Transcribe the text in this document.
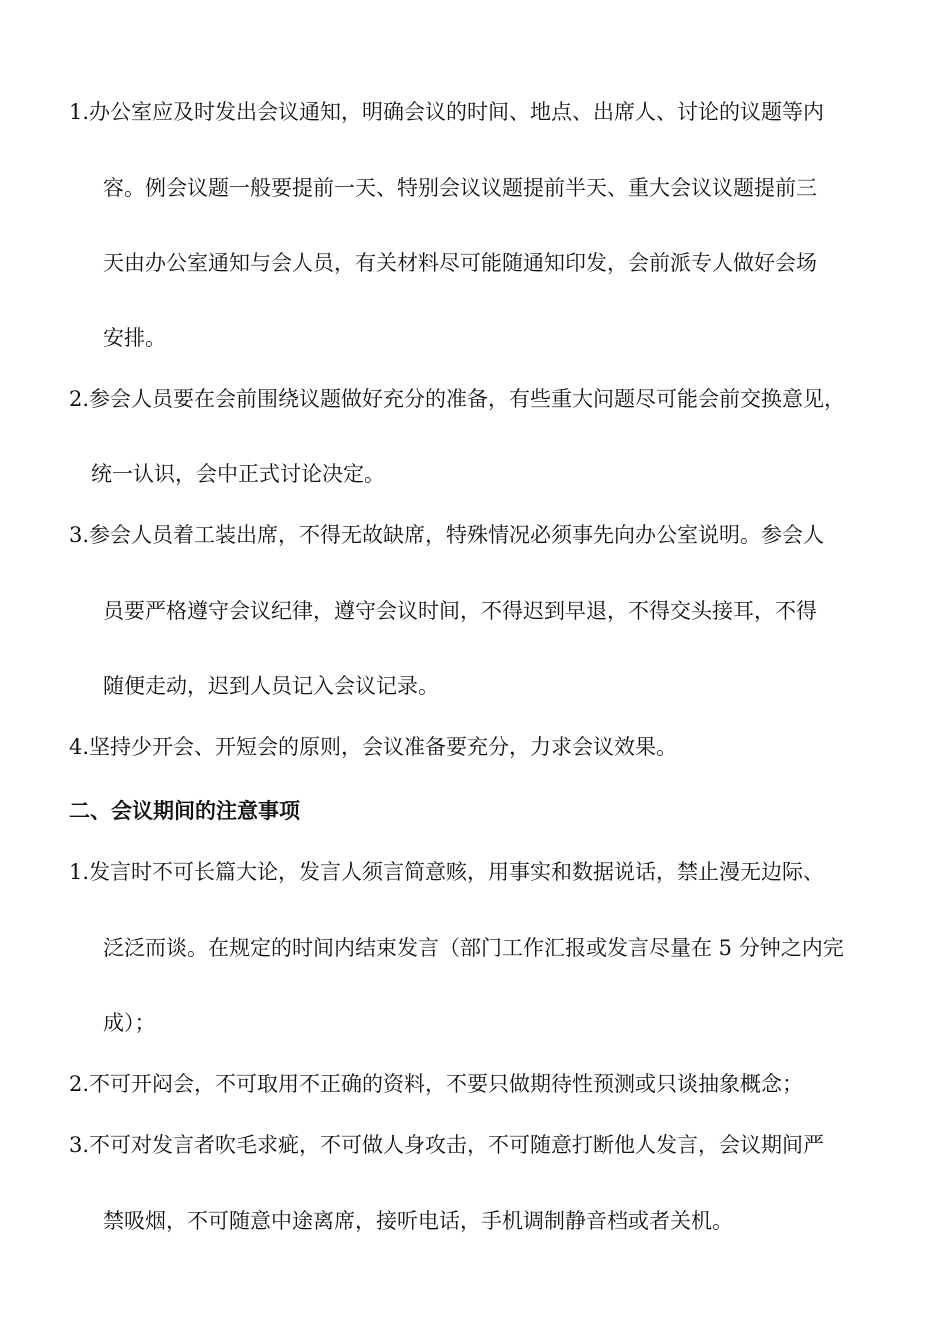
1.办公室应及时发出会议通知，明确会议的时间、地点、出席人、讨论的议题等内
容。例会议题一般要提前一天、特别会议议题提前半天、重大会议议题提前三
天由办公室通知与会人员，有关材料尽可能随通知印发，会前派专人做好会场
安排。
2.参会人员要在会前围绕议题做好充分的准备，有些重大问题尽可能会前交换意见，
统一认识，会中正式讨论决定。
3.参会人员着工装出席，不得无故缺席，特殊情况必须事先向办公室说明。参会人
员要严格遵守会议纪律，遵守会议时间，不得迟到早退，不得交头接耳，不得
随便走动，迟到人员记入会议记录。
4.坚持少开会、开短会的原则，会议准备要充分，力求会议效果。
二、会议期间的注意事项
1.发言时不可长篇大论，发言人须言简意赅，用事实和数据说话，禁止漫无边际、
泛泛而谈。在规定的时间内结束发言（部门工作汇报或发言尽量在 5 分钟之内完
成）；
2.不可开闷会，不可取用不正确的资料，不要只做期待性预测或只谈抽象概念；
3.不可对发言者吹毛求疵，不可做人身攻击，不可随意打断他人发言，会议期间严
禁吸烟，不可随意中途离席，接听电话，手机调制静音档或者关机。
